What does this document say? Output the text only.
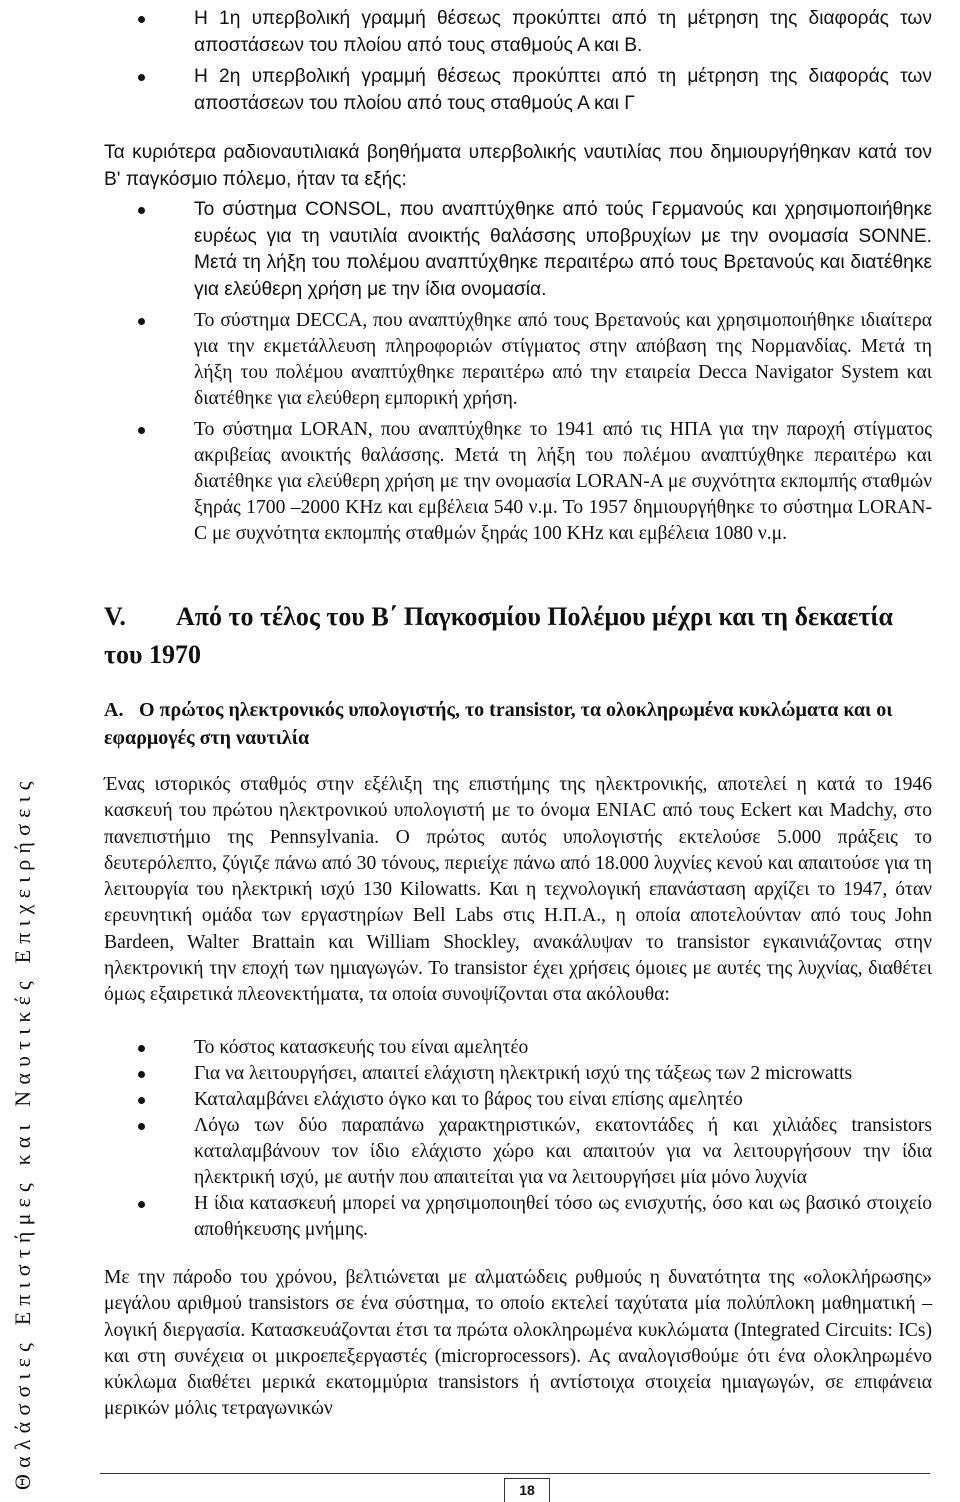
Η 1η υπερβολική γραμμή θέσεως προκύπτει από τη μέτρηση της διαφοράς των αποστάσεων του πλοίου από τους σταθμούς Α και Β.
Η 2η υπερβολική γραμμή θέσεως προκύπτει από τη μέτρηση της διαφοράς των αποστάσεων του πλοίου από τους σταθμούς Α και Γ

Τα κυριότερα ραδιοναυτιλιακά βοηθήματα υπερβολικής ναυτιλίας που δημιουργήθηκαν κατά τον Β' παγκόσμιο πόλεμο, ήταν τα εξής:

Το σύστημα CONSOL, που αναπτύχθηκε από τούς Γερμανούς και χρησιμοποιήθηκε ευρέως για τη ναυτιλία ανοικτής θαλάσσης υποβρυχίων με την ονομασία SONNE. Μετά τη λήξη του πολέμου αναπτύχθηκε περαιτέρω από τους Βρετανούς και διατέθηκε για ελεύθερη χρήση με την ίδια ονομασία.
Το σύστημα DECCA, που αναπτύχθηκε από τους Βρετανούς και χρησιμοποιήθηκε ιδιαίτερα για την εκμετάλλευση πληροφοριών στίγματος στην απόβαση της Νορμανδίας. Μετά τη λήξη του πολέμου αναπτύχθηκε περαιτέρω από την εταιρεία Decca Navigator System και διατέθηκε για ελεύθερη εμπορική χρήση.
Το σύστημα LORAN, που αναπτύχθηκε το 1941 από τις ΗΠΑ για την παροχή στίγματος ακριβείας ανοικτής θαλάσσης. Μετά τη λήξη του πολέμου αναπτύχθηκε περαιτέρω και διατέθηκε για ελεύθερη χρήση με την ονομασία LORAN-A με συχνότητα εκπομπής σταθμών ξηράς 1700 –2000 KHz και εμβέλεια 540 ν.μ. Το 1957 δημιουργήθηκε το σύστημα LORAN-C με συχνότητα εκπομπής σταθμών ξηράς 100 KHz και εμβέλεια 1080 ν.μ.
V. Από το τέλος του Β΄ Παγκοσμίου Πολέμου μέχρι και τη δεκαετία του 1970
A. Ο πρώτος ηλεκτρονικός υπολογιστής, το transistor, τα ολοκληρωμένα κυκλώματα και οι εφαρμογές στη ναυτιλία

Ένας ιστορικός σταθμός στην εξέλιξη της επιστήμης της ηλεκτρονικής, αποτελεί η κατά το 1946 κασκευή του πρώτου ηλεκτρονικού υπολογιστή με το όνομα ENIAC από τους Eckert και Madchy, στο πανεπιστήμιο της Pennsylvania. Ο πρώτος αυτός υπολογιστής εκτελούσε 5.000 πράξεις το δευτερόλεπτο, ζύγιζε πάνω από 30 τόνους, περιείχε πάνω από 18.000 λυχνίες κενού και απαιτούσε για τη λειτουργία του ηλεκτρική ισχύ 130 Kilowatts. Και η τεχνολογική επανάσταση αρχίζει το 1947, όταν ερευνητική ομάδα των εργαστηρίων Bell Labs στις Η.Π.Α., η οποία αποτελούνταν από τους John Bardeen, Walter Brattain και William Shockley, ανακάλυψαν το transistor εγκαινιάζοντας στην ηλεκτρονική την εποχή των ημιαγωγών. Το transistor έχει χρήσεις όμοιες με αυτές της λυχνίας, διαθέτει όμως εξαιρετικά πλεονεκτήματα, τα οποία συνοψίζονται στα ακόλουθα:

Το κόστος κατασκευής του είναι αμελητέο
Για να λειτουργήσει, απαιτεί ελάχιστη ηλεκτρική ισχύ της τάξεως των 2 microwatts
Καταλαμβάνει ελάχιστο όγκο και το βάρος του είναι επίσης αμελητέο
Λόγω των δύο παραπάνω χαρακτηριστικών, εκατοντάδες ή και χιλιάδες transistors καταλαμβάνουν τον ίδιο ελάχιστο χώρο και απαιτούν για να λειτουργήσουν την ίδια ηλεκτρική ισχύ, με αυτήν που απαιτείται για να λειτουργήσει μία μόνο λυχνία
Η ίδια κατασκευή μπορεί να χρησιμοποιηθεί τόσο ως ενισχυτής, όσο και ως βασικό στοιχείο αποθήκευσης μνήμης.

Με την πάροδο του χρόνου, βελτιώνεται με αλματώδεις ρυθμούς η δυνατότητα της «ολοκλήρωσης» μεγάλου αριθμού transistors σε ένα σύστημα, το οποίο εκτελεί ταχύτατα μία πολύπλοκη μαθηματική – λογική διεργασία. Κατασκευάζονται έτσι τα πρώτα ολοκληρωμένα κυκλώματα (Integrated Circuits: ICs) και στη συνέχεια οι μικροεπεξεργαστές (microprocessors). Ας αναλογισθούμε ότι ένα ολοκληρωμένο κύκλωμα διαθέτει μερικά εκατομμύρια transistors ή αντίστοιχα στοιχεία ημιαγωγών, σε επιφάνεια μερικών μόλις τετραγωνικών

Θαλάσσιες Επιστήμες και Ναυτικές Επιχειρήσεις	18
